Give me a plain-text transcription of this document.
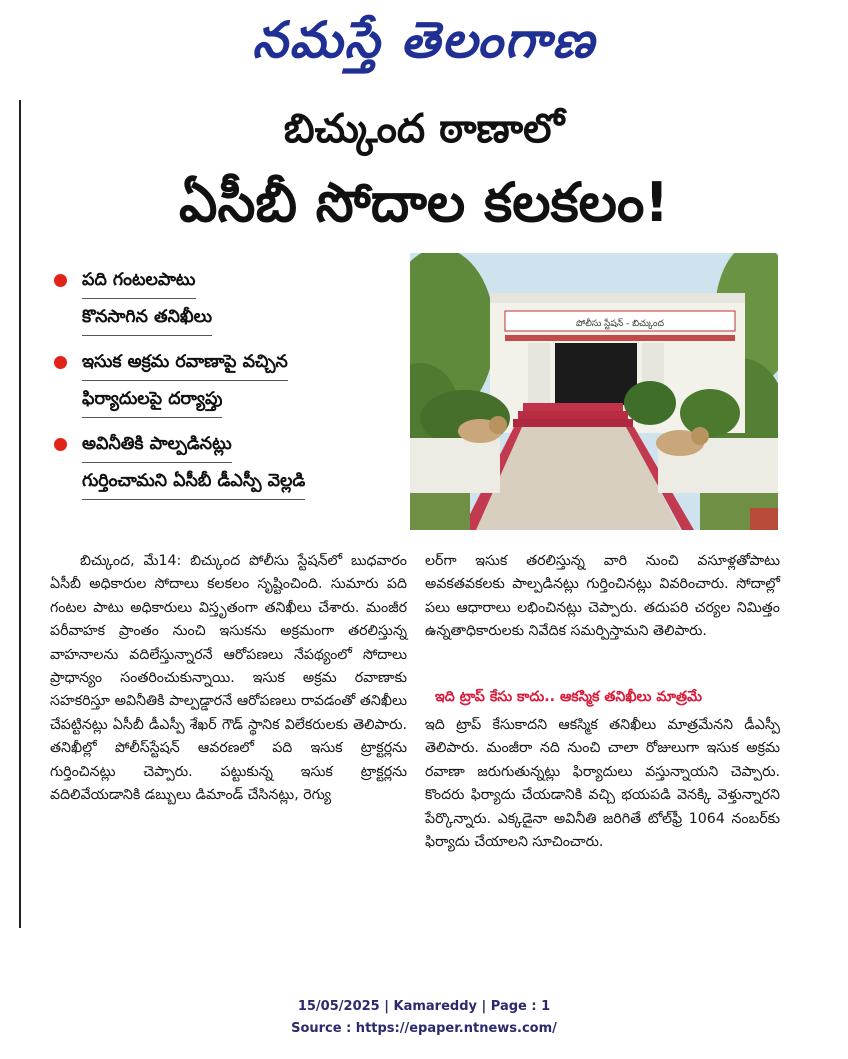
నమస్తే తెలంగాణ
బిచ్కుంద ఠాణాలో
ఏసీబీ సోదాల కలకలం!
పది గంటలపాటు
కొనసాగిన తనిఖీలు
ఇసుక అక్రమ రవాణాపై వచ్చిన
ఫిర్యాదులపై దర్యాప్తు
అవినీతికి పాల్పడినట్లు
గుర్తించామని ఏసీబీ డీఎస్పీ వెల్లడి
పోలీసు స్టేషన్ - బిచ్కుంద
బిచ్కుంద, మే14: బిచ్కుంద పోలీసు స్టేషన్‌లో బుధవారం ఏసీబీ అధికారుల సోదాలు కలకలం సృష్టించింది. సుమారు పది గంటల పాటు అధికారులు విస్తృతంగా తనిఖీలు చేశారు. మంజీర పరీవాహక ప్రాంతం నుంచి ఇసుకను అక్రమంగా తరలిస్తున్న వాహనాలను వదిలేస్తున్నారనే ఆరోపణలు నేపథ్యంలో సోదాలు ప్రాధాన్యం సంతరించుకున్నాయి. ఇసుక అక్రమ రవాణాకు సహకరిస్తూ అవినీతికి పాల్పడ్డారనే ఆరోపణలు రావడంతో తనిఖీలు చేపట్టినట్లు ఏసీబీ డీఎస్పీ శేఖర్ గౌడ్ స్థానిక విలేకరులకు తెలిపారు. తనిఖీల్లో పోలీస్‌స్టేషన్ ఆవరణలో పది ఇసుక ట్రాక్టర్లను గుర్తించినట్లు చెప్పారు. పట్టుకున్న ఇసుక ట్రాక్టర్లను వదిలివేయడానికి డబ్బులు డిమాండ్ చేసినట్లు, రెగ్యు
లర్‌గా ఇసుక తరలిస్తున్న వారి నుంచి వసూళ్లతోపాటు అవకతవకలకు పాల్పడినట్లు గుర్తించినట్లు వివరించారు. సోదాల్లో పలు ఆధారాలు లభించినట్లు చెప్పారు. తదుపరి చర్యల నిమిత్తం ఉన్నతాధికారులకు నివేదిక సమర్పిస్తామని తెలిపారు.
ఇది ట్రాప్ కేసు కాదు.. ఆకస్మిక తనిఖీలు మాత్రమే
ఇది ట్రాప్ కేసుకాదని ఆకస్మిక తనిఖీలు మాత్రమేనని డీఎస్పీ తెలిపారు. మంజీరా నది నుంచి చాలా రోజులుగా ఇసుక అక్రమ రవాణా జరుగుతున్నట్లు ఫిర్యాదులు వస్తున్నాయని చెప్పారు. కొందరు ఫిర్యాదు చేయడానికి వచ్చి భయపడి వెనక్కి వెళ్తున్నారని పేర్కొన్నారు. ఎక్కడైనా అవినీతి జరిగితే టోల్‌ఫ్రీ 1064 నంబర్‌కు ఫిర్యాదు చేయాలని సూచించారు.
15/05/2025 | Kamareddy | Page : 1
Source : https://epaper.ntnews.com/
